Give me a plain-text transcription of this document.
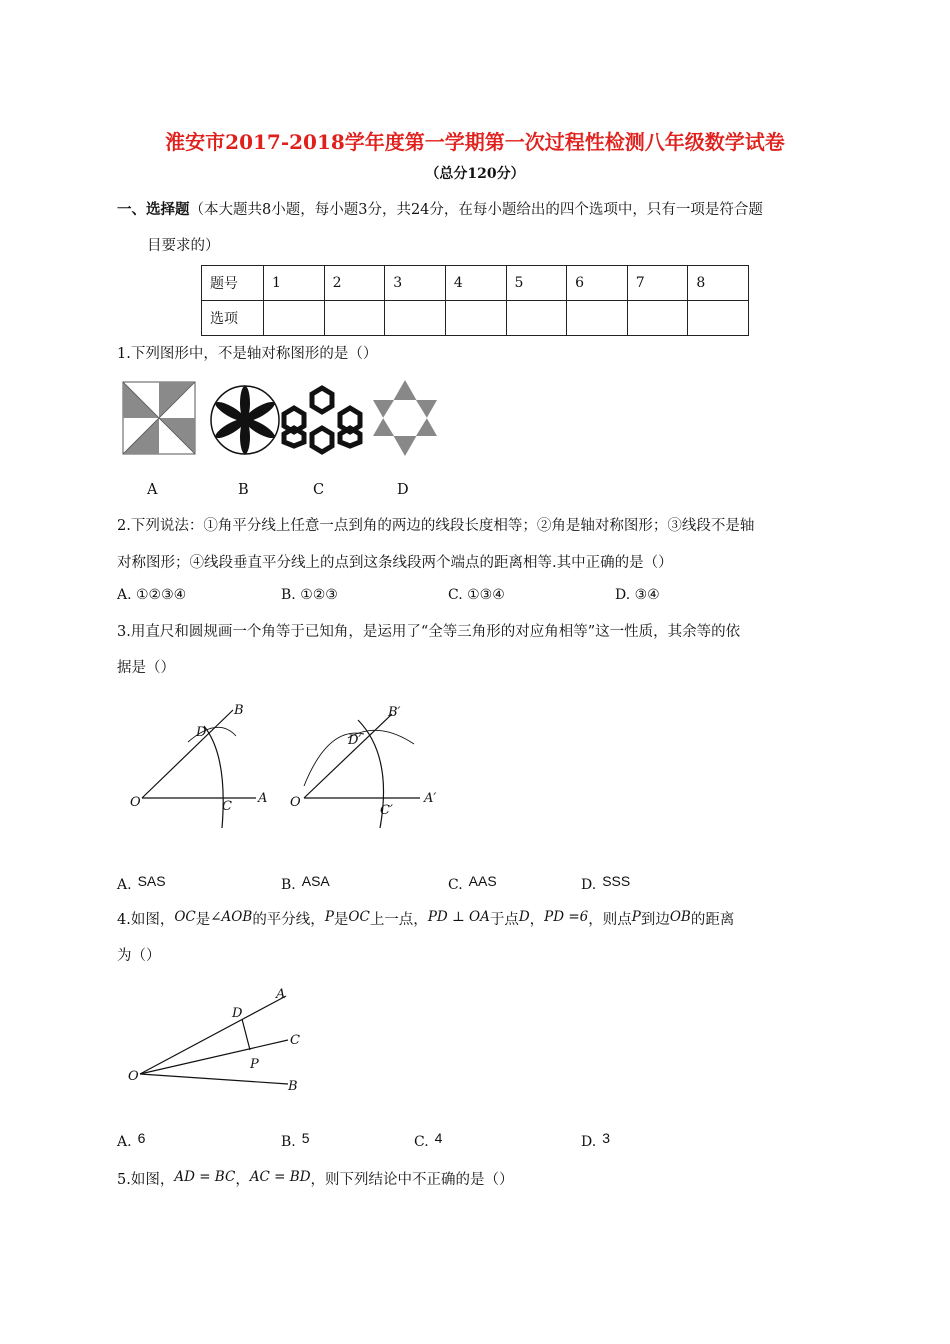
淮安市2017-2018学年度第一学期第一次过程性检测八年级数学试卷
（总分120分）
一、选择题（本大题共8小题，每小题3分，共24分，在每小题给出的四个选项中，只有一项是符合题
目要求的）
题号	1	2	3	4	5	6	7	8
选项								
1.下列图形中，不是轴对称图形的是（）
A	B	C	D
2.下列说法：①角平分线上任意一点到角的两边的线段长度相等；②角是轴对称图形；③线段不是轴
对称图形；④线段垂直平分线上的点到这条线段两个端点的距离相等.其中正确的是（）
A. ①②③④	B. ①②③	C. ①③④	D. ③④
3.用直尺和圆规画一个角等于已知角，是运用了“全等三角形的对应角相等”这一性质，其余等的依
据是（）
O	A
B
C
D
O	A′
B′
C′
D′
A. SAS	B. ASA	C. AAS	D. SSS
4.如图，OC是∠AOB的平分线，P是OC上一点，PD ⊥ OA于点D，PD =6，则点P到边OB的距离
为（）
O
A
C
B
D
P
A. 6	B. 5	C. 4	D. 3
5.如图，AD = BC，AC = BD，则下列结论中不正确的是（）
